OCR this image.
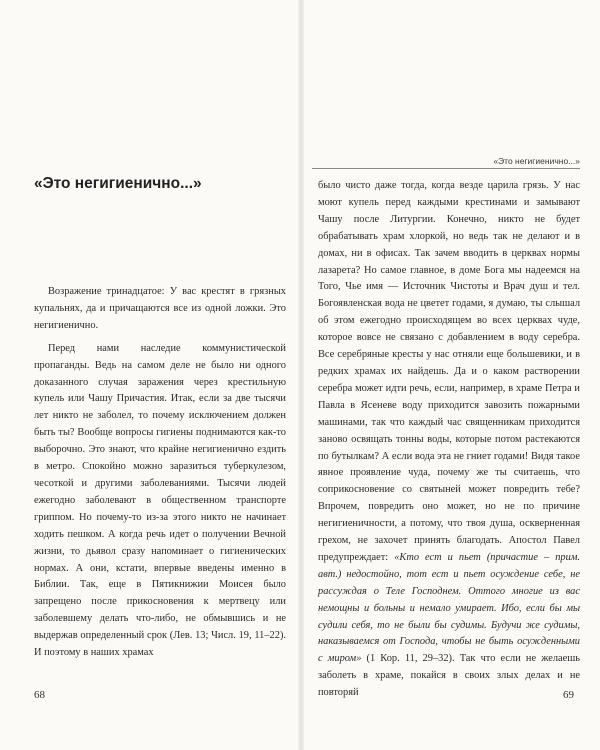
«Это негигиенично...»

Возражение тринадцатое: У вас крестят в грязных купальнях, да и причащаются все из одной ложки. Это негигиенично.

Перед нами наследие коммунистической пропаганды. Ведь на самом деле не было ни одного доказанного случая заражения через крестильную купель или Чашу Причастия. Итак, если за две тысячи лет никто не заболел, то почему исключением должен быть ты? Вообще вопросы гигиены поднимаются как-то выборочно. Это знают, что крайне негигиенично ездить в метро. Спокойно можно заразиться туберкулезом, чесоткой и другими заболеваниями. Тысячи людей ежегодно заболевают в общественном транспорте гриппом. Но почему-то из-за этого никто не начинает ходить пешком. А когда речь идет о получении Вечной жизни, то дьявол сразу напоминает о гигиенических нормах. А они, кстати, впервые введены именно в Библии. Так, еще в Пятикнижии Моисея было запрещено после прикосновения к мертвецу или заболевшему делать что-либо, не обмывшись и не выдержав определенный срок (Лев. 13; Числ. 19, 11–22). И поэтому в наших храмах

68
«Это негигиенично...»

было чисто даже тогда, когда везде царила грязь. У нас моют купель перед каждыми крестинами и замывают Чашу после Литургии. Конечно, никто не будет обрабатывать храм хлоркой, но ведь так не делают и в домах, ни в офисах. Так зачем вводить в церквах нормы лазарета? Но самое главное, в доме Бога мы надеемся на Того, Чье имя — Источник Чистоты и Врач душ и тел. Богоявленская вода не цветет годами, я думаю, ты слышал об этом ежегодно происходящем во всех церквах чуде, которое вовсе не связано с добавлением в воду серебра. Все серебряные кресты у нас отняли еще большевики, и в редких храмах их найдешь. Да и о каком растворении серебра может идти речь, если, например, в храме Петра и Павла в Ясеневе воду приходится завозить пожарными машинами, так что каждый час священникам приходится заново освящать тонны воды, которые потом растекаются по бутылкам? А если вода эта не гниет годами! Видя такое явное проявление чуда, почему же ты считаешь, что соприкосновение со святыней может повредить тебе? Впрочем, повредить оно может, но не по причине негигиеничности, а потому, что твоя душа, оскверненная грехом, не захочет принять благодать. Апостол Павел предупреждает: «Кто ест и пьет (причастие – прим. авт.) недостойно, тот ест и пьет осуждение себе, не рассуждая о Теле Господнем. Оттого многие из вас немощны и больны и немало умирает. Ибо, если бы мы судили себя, то не были бы судимы. Будучи же судимы, наказываемся от Господа, чтобы не быть осужденными с миром» (1 Кор. 11, 29–32). Так что если не желаешь заболеть в храме, покайся в своих злых делах и не повторяй	69
